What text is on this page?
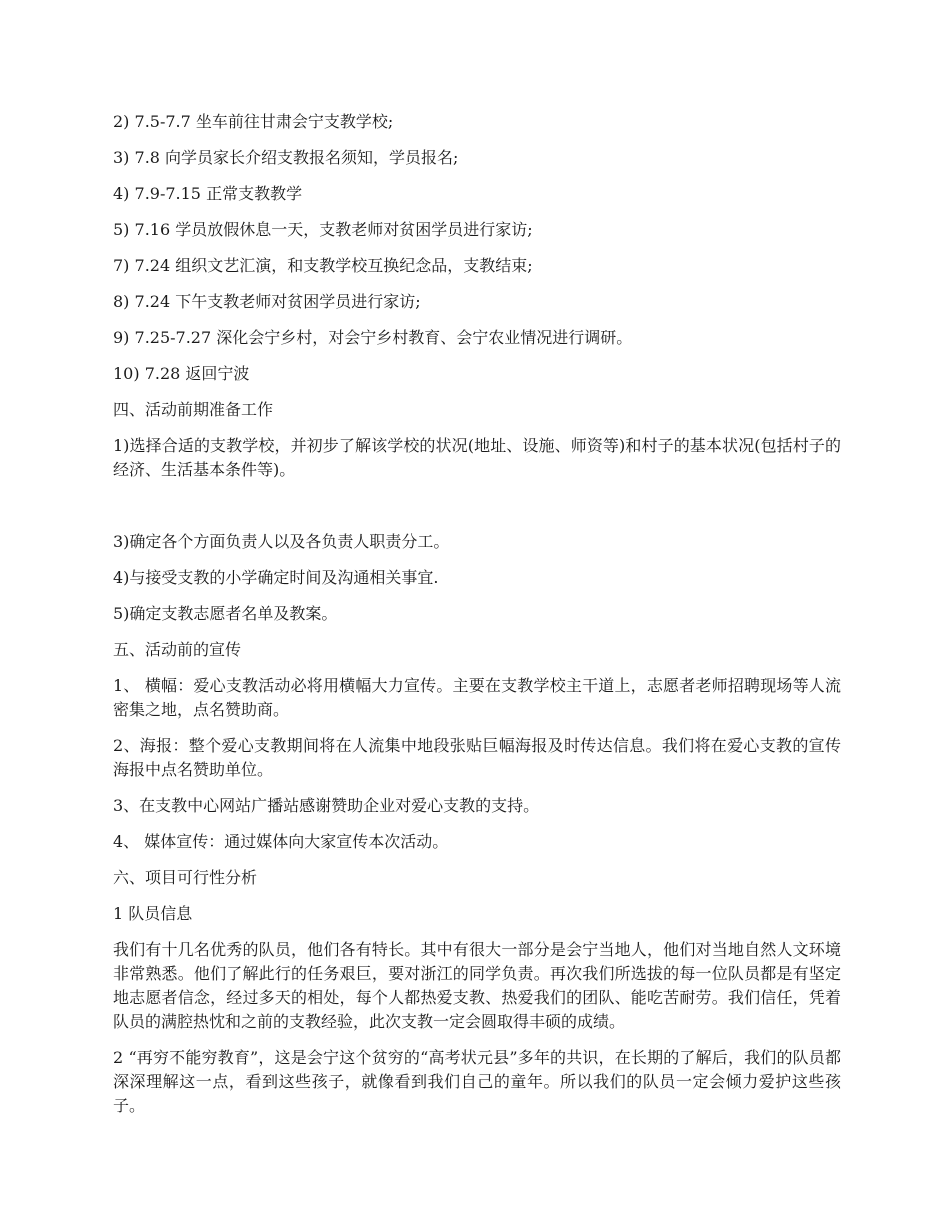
2) 7.5-7.7 坐车前往甘肃会宁支教学校;

3) 7.8 向学员家长介绍支教报名须知，学员报名;

4) 7.9-7.15 正常支教教学

5) 7.16 学员放假休息一天，支教老师对贫困学员进行家访;

7) 7.24 组织文艺汇演，和支教学校互换纪念品，支教结束;

8) 7.24 下午支教老师对贫困学员进行家访;

9) 7.25-7.27 深化会宁乡村，对会宁乡村教育、会宁农业情况进行调研。

10) 7.28 返回宁波

四、活动前期准备工作

1)选择合适的支教学校，并初步了解该学校的状况(地址、设施、师资等)和村子的基本状况(包括村子的经济、生活基本条件等)。

3)确定各个方面负责人以及各负责人职责分工。

4)与接受支教的小学确定时间及沟通相关事宜.

5)确定支教志愿者名单及教案。

五、活动前的宣传

1、 横幅：爱心支教活动必将用横幅大力宣传。主要在支教学校主干道上，志愿者老师招聘现场等人流密集之地，点名赞助商。

2、海报：整个爱心支教期间将在人流集中地段张贴巨幅海报及时传达信息。我们将在爱心支教的宣传海报中点名赞助单位。

3、在支教中心网站广播站感谢赞助企业对爱心支教的支持。

4、 媒体宣传：通过媒体向大家宣传本次活动。

六、项目可行性分析

1 队员信息

我们有十几名优秀的队员，他们各有特长。其中有很大一部分是会宁当地人，他们对当地自然人文环境非常熟悉。他们了解此行的任务艰巨，要对浙江的同学负责。再次我们所选拔的每一位队员都是有坚定地志愿者信念，经过多天的相处，每个人都热爱支教、热爱我们的团队、能吃苦耐劳。我们信任，凭着队员的满腔热忱和之前的支教经验，此次支教一定会圆取得丰硕的成绩。

2 “再穷不能穷教育”，这是会宁这个贫穷的“高考状元县”多年的共识，在长期的了解后，我们的队员都深深理解这一点，看到这些孩子，就像看到我们自己的童年。所以我们的队员一定会倾力爱护这些孩子。
